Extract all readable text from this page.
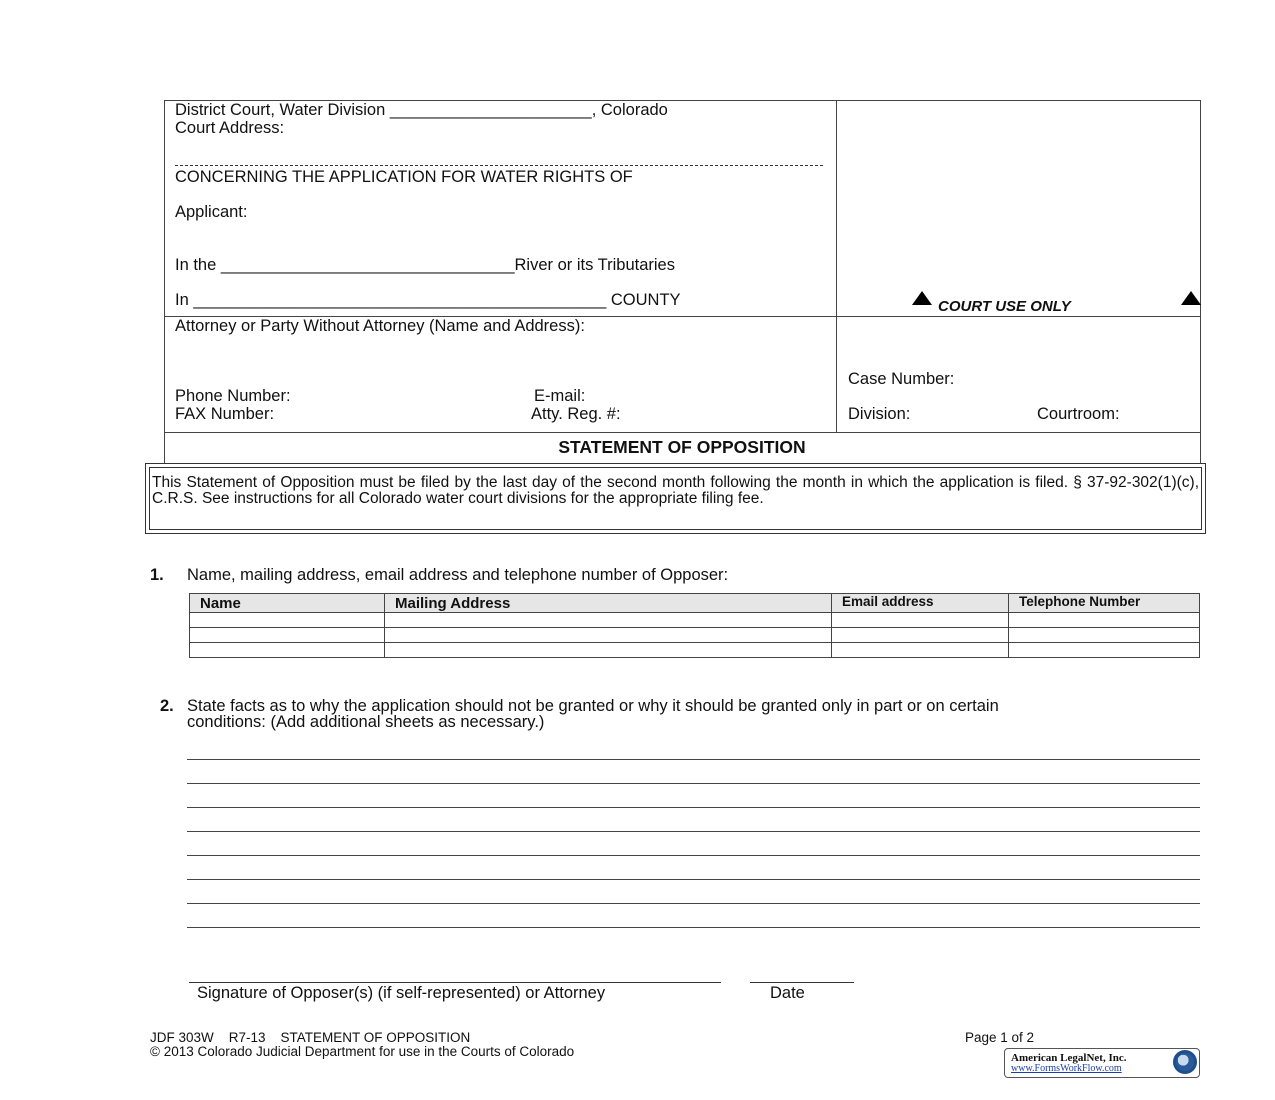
District Court, Water Division ______________________, Colorado
Court Address:
CONCERNING THE APPLICATION FOR WATER RIGHTS OF
Applicant:
In the ________________________________River or its Tributaries
In _____________________________________________ COUNTY	COURT USE ONLY
Attorney or Party Without Attorney (Name and Address):
Phone Number:	E-mail:
FAX Number:	Atty. Reg. #:
Case Number:
Division:	Courtroom:
STATEMENT OF OPPOSITION
This Statement of Opposition must be filed by the last day of the second month following the month in which the application is filed. § 37-92-302(1)(c), C.R.S. See instructions for all Colorado water court divisions for the appropriate filing fee.
1. Name, mailing address, email address and telephone number of Opposer:
Name	Mailing Address	Email address	Telephone Number

2. State facts as to why the application should not be granted or why it should be granted only in part or on certain
conditions: (Add additional sheets as necessary.)
Signature of Opposer(s) (if self-represented) or Attorney	Date
JDF 303W    R7-13    STATEMENT OF OPPOSITION
© 2013 Colorado Judicial Department for use in the Courts of Colorado
Page 1 of 2
American LegalNet, Inc.
www.FormsWorkFlow.com
